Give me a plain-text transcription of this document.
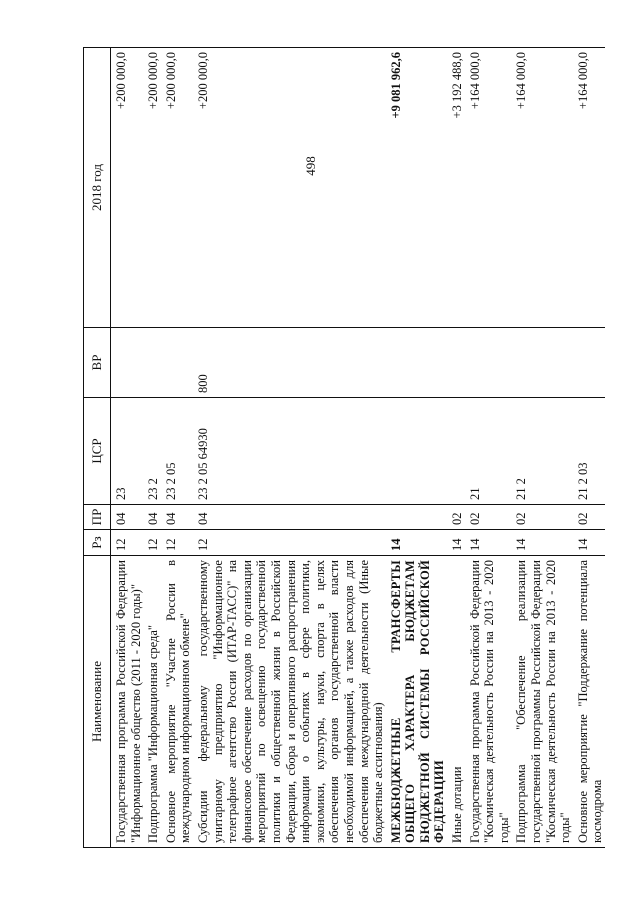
498
Наименование	Рз	ПР	ЦСР	ВР	2018 год
Государственная программа Российской Федерации "Информационное общество (2011 - 2020 годы)"	12	04	23		+200 000,0
Подпрограмма "Информационная среда"	12	04	23 2		+200 000,0
Основное мероприятие "Участие России в международном информационном обмене"	12	04	23 2 05		+200 000,0
Субсидии федеральному государственному унитарному предприятию "Информационное телеграфное агентство России (ИТАР-ТАСС)" на финансовое обеспечение расходов по организации мероприятий по освещению государственной политики и общественной жизни в Российской Федерации, сбора и оперативного распространения информации о событиях в сфере политики, экономики, культуры, науки, спорта в целях обеспечения органов государственной власти необходимой информацией, а также расходов для обеспечения международной деятельности (Иные бюджетные ассигнования)	12	04	23 2 05 64930	800	+200 000,0
МЕЖБЮДЖЕТНЫЕ ТРАНСФЕРТЫ ОБЩЕГО ХАРАКТЕРА БЮДЖЕТАМ БЮДЖЕТНОЙ СИСТЕМЫ РОССИЙСКОЙ ФЕДЕРАЦИИ	14				+9 081 962,6
Иные дотации	14	02			+3 192 488,0
Государственная программа Российской Федерации "Космическая деятельность России на 2013 - 2020 годы"	14	02	21		+164 000,0
Подпрограмма "Обеспечение реализации государственной программы Российской Федерации "Космическая деятельность России на 2013 - 2020 годы"	14	02	21 2		+164 000,0
Основное мероприятие "Поддержание потенциала космодрома	14	02	21 2 03		+164 000,0
